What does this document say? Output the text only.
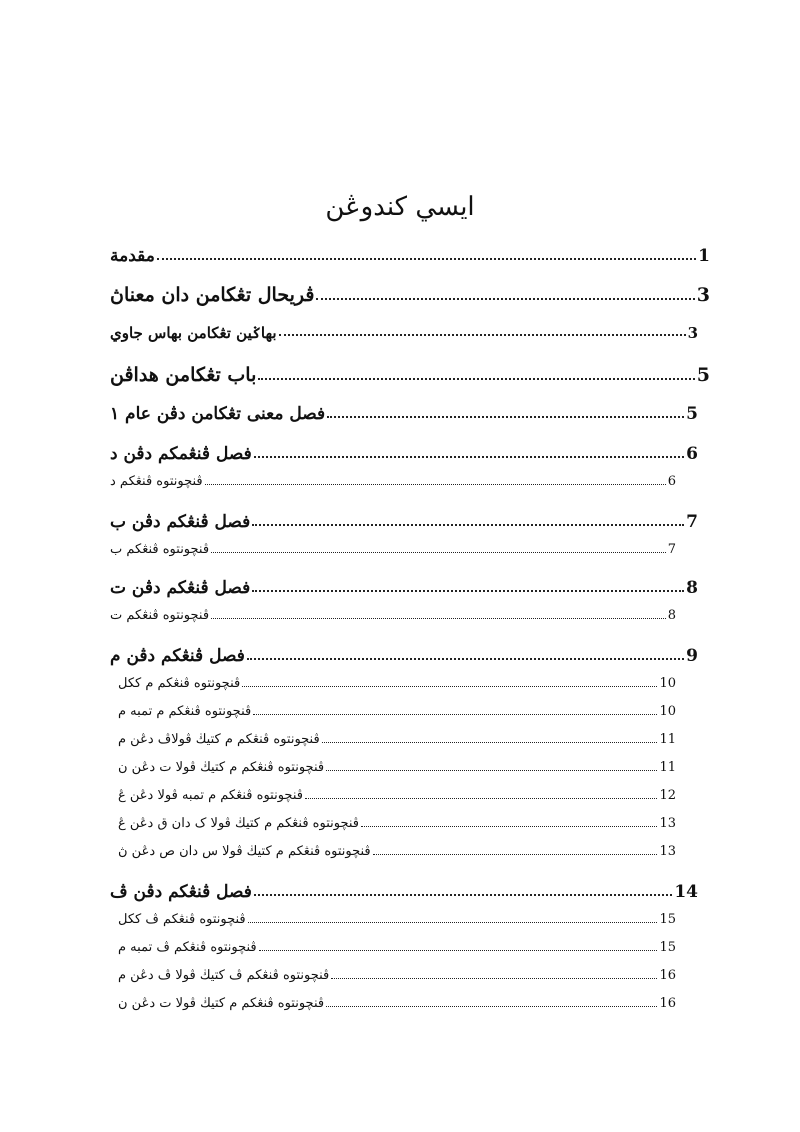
ايسي كندوڠن
مقدمة	1
ڤريحال تڠكامن دان معناڽ	3
بهاݢين تڠكامن بهاس جاوي	3
باب تڠكامن هداڤن	5
فصل معنى تڠكامن دڤن عام ١	5
فصل ڤنڠمكم دڤن د	6
ڤنچونتوه ڤنڠكم د	6
فصل ڤنڠكم دڤن ب	7
ڤنچونتوه ڤنڠكم ب	7
فصل ڤنڠكم دڤن ت	8
ڤنچونتوه ڤنڠكم ت	8
فصل ڤنڠكم دڤن م	9
ڤنچونتوه ڤنڠكم م ككل	10
ڤنچونتوه ڤنڠكم م تمبه م	10
ڤنچونتوه ڤنڠكم م كتيڬ ڤولاڤ دڠن م	11
ڤنچونتوه ڤنڠكم م كتيڬ ڤولا ت دڠن ن	11
ڤنچونتوه ڤنڠكم م تمبه ڤولا دڠن ڠ	12
ڤنچونتوه ڤنڠكم م كتيڬ ڤولا ک دان ق دڠن ڠ	13
ڤنچونتوه ڤنڠكم م كتيڬ ڤولا س دان ص دڠن ڽ	13
فصل ڤنڠكم دڤن ڤ	14
ڤنچونتوه ڤنڠكم ڤ ككل	15
ڤنچونتوه ڤنڠكم ڤ تمبه م	15
ڤنچونتوه ڤنڠكم ڤ كتيڬ ڤولا ڤ دڠن م	16
ڤنچونتوه ڤنڠكم م كتيڬ ڤولا ت دڠن ن	16
